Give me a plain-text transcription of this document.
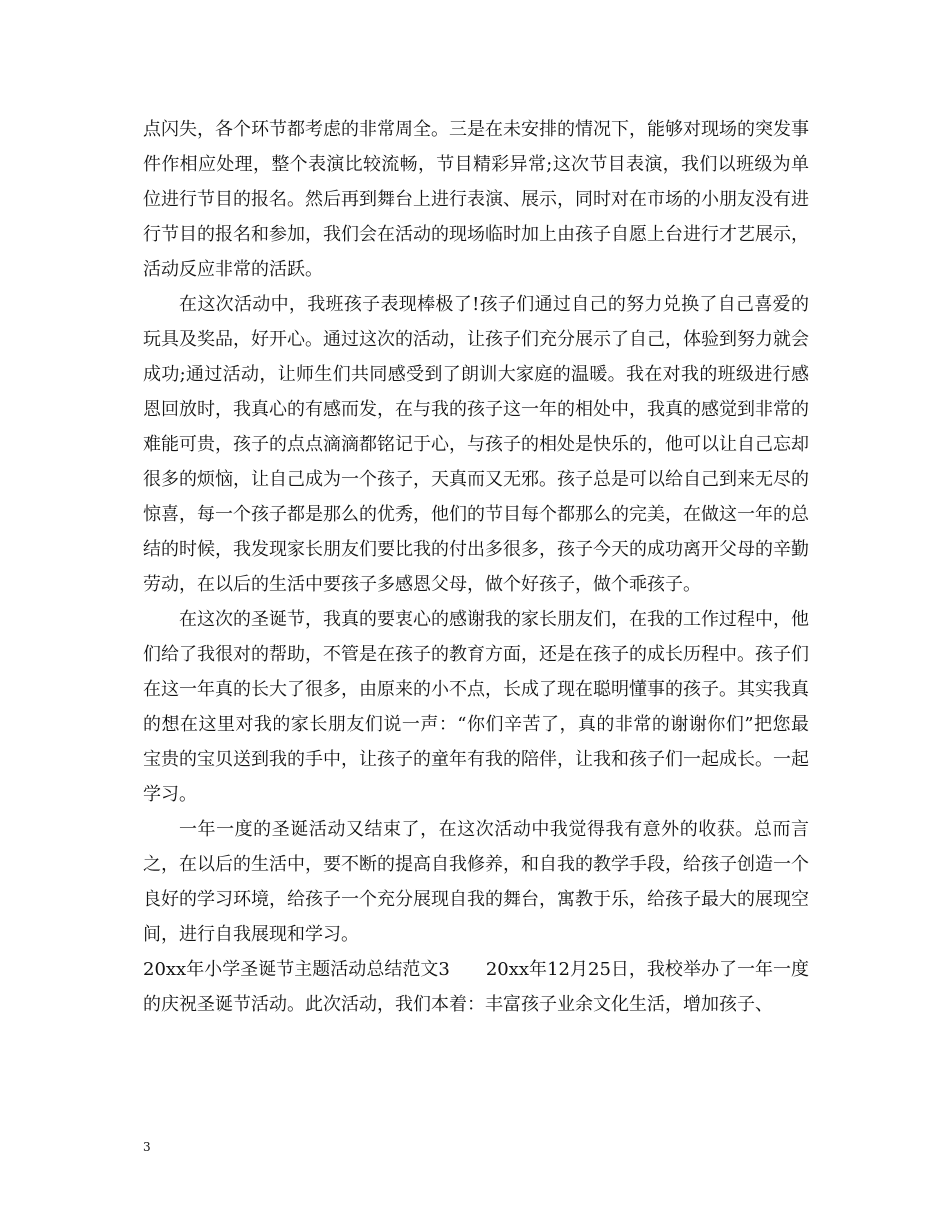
点闪失，各个环节都考虑的非常周全。三是在未安排的情况下，能够对现场的突发事件作相应处理，整个表演比较流畅，节目精彩异常;这次节目表演，我们以班级为单位进行节目的报名。然后再到舞台上进行表演、展示，同时对在市场的小朋友没有进行节目的报名和参加，我们会在活动的现场临时加上由孩子自愿上台进行才艺展示，活动反应非常的活跃。

在这次活动中，我班孩子表现棒极了!孩子们通过自己的努力兑换了自己喜爱的玩具及奖品，好开心。通过这次的活动，让孩子们充分展示了自己，体验到努力就会成功;通过活动，让师生们共同感受到了朗训大家庭的温暖。我在对我的班级进行感恩回放时，我真心的有感而发，在与我的孩子这一年的相处中，我真的感觉到非常的难能可贵，孩子的点点滴滴都铭记于心，与孩子的相处是快乐的，他可以让自己忘却很多的烦恼，让自己成为一个孩子，天真而又无邪。孩子总是可以给自己到来无尽的惊喜，每一个孩子都是那么的优秀，他们的节目每个都那么的完美，在做这一年的总结的时候，我发现家长朋友们要比我的付出多很多，孩子今天的成功离开父母的辛勤劳动，在以后的生活中要孩子多感恩父母，做个好孩子，做个乖孩子。

在这次的圣诞节，我真的要衷心的感谢我的家长朋友们，在我的工作过程中，他们给了我很对的帮助，不管是在孩子的教育方面，还是在孩子的成长历程中。孩子们在这一年真的长大了很多，由原来的小不点，长成了现在聪明懂事的孩子。其实我真的想在这里对我的家长朋友们说一声：“你们辛苦了，真的非常的谢谢你们”把您最宝贵的宝贝送到我的手中，让孩子的童年有我的陪伴，让我和孩子们一起成长。一起学习。

一年一度的圣诞活动又结束了，在这次活动中我觉得我有意外的收获。总而言之，在以后的生活中，要不断的提高自我修养，和自我的教学手段，给孩子创造一个良好的学习环境，给孩子一个充分展现自我的舞台，寓教于乐，给孩子最大的展现空间，进行自我展现和学习。

20xx年小学圣诞节主题活动总结范文3　　20xx年12月25日，我校举办了一年一度的庆祝圣诞节活动。此次活动，我们本着：丰富孩子业余文化生活，增加孩子、

3
